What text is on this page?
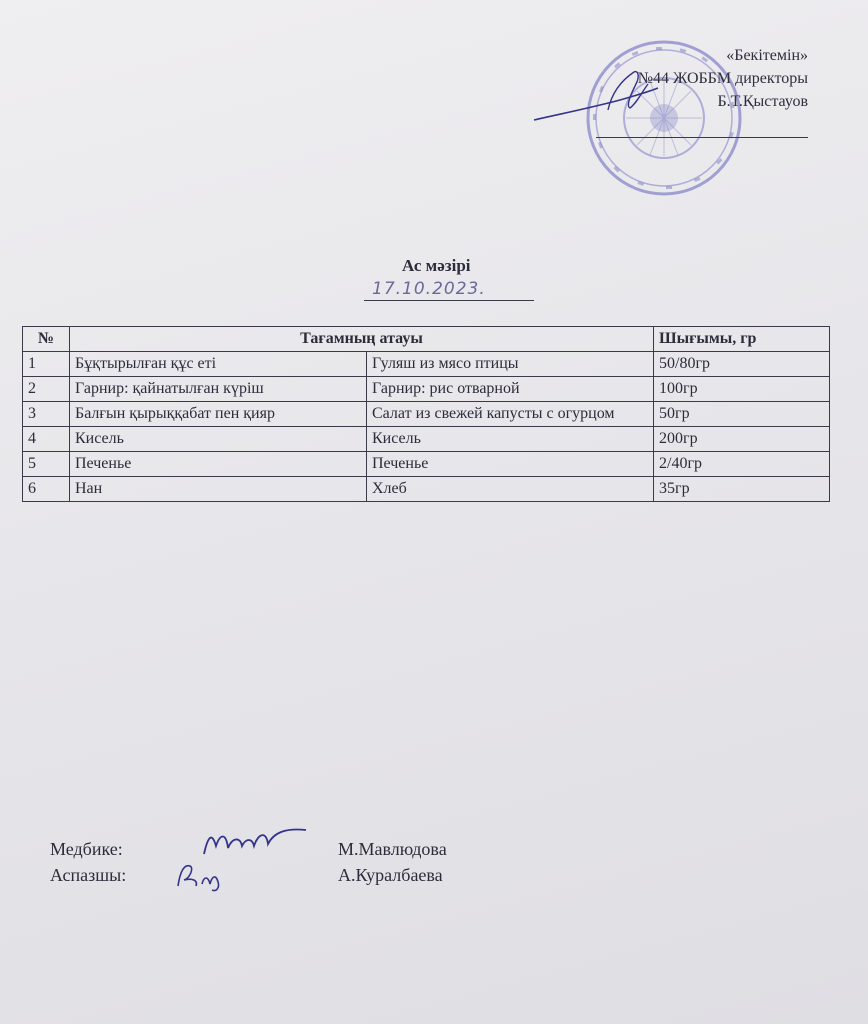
«Бекітемін»
№44 ЖОББМ директоры
Б.Т.Қыстауов
Ас мәзірі
17.10.2023.
№	Тағамның атауы		Шығымы, гр
1	Бұқтырылған құс еті	Гуляш из мясо птицы	50/80гр
2	Гарнир: қайнатылған күріш	Гарнир: рис отварной	100гр
3	Балғын қырыққабат пен қияр	Салат из свежей капусты с огурцом	50гр
4	Кисель	Кисель	200гр
5	Печенье	Печенье	2/40гр
6	Нан	Хлеб	35гр
Медбике:	М.Мавлюдова
Аспазшы:	А.Куралбаева
